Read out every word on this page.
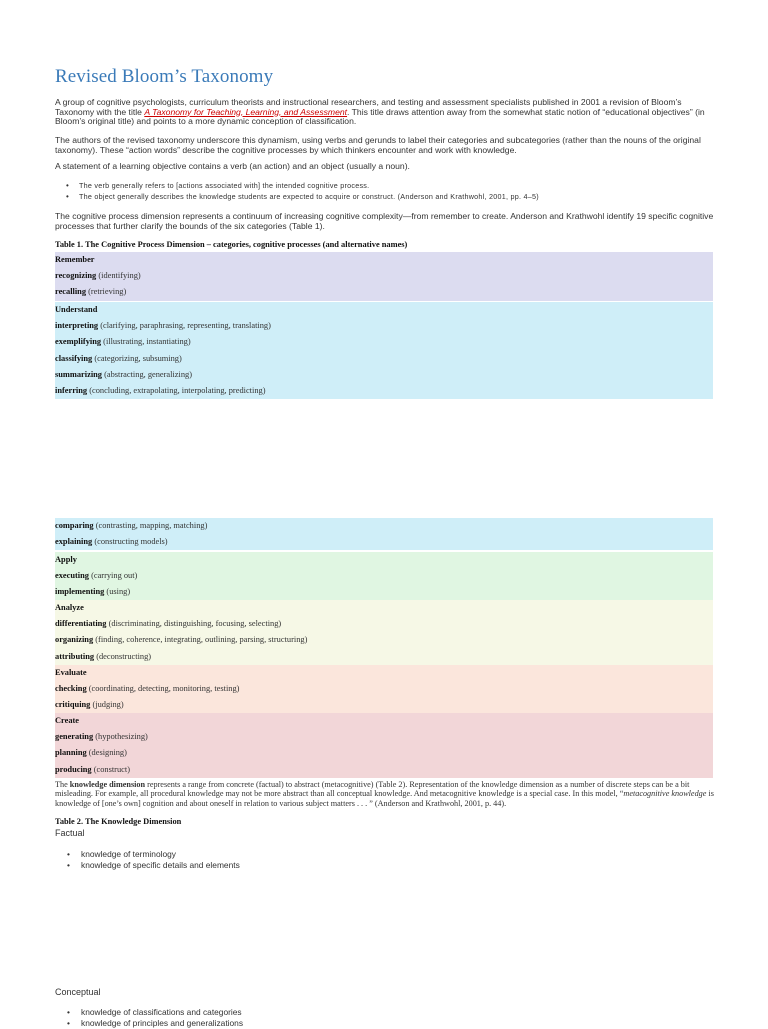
Revised Bloom’s Taxonomy

A group of cognitive psychologists, curriculum theorists and instructional researchers, and testing and assessment specialists published in 2001 a revision of Bloom’s Taxonomy with the title A Taxonomy for Teaching, Learning, and Assessment. This title draws attention away from the somewhat static notion of “educational objectives” (in Bloom’s original title) and points to a more dynamic conception of classification.

The authors of the revised taxonomy underscore this dynamism, using verbs and gerunds to label their categories and subcategories (rather than the nouns of the original taxonomy). These “action words” describe the cognitive processes by which thinkers encounter and work with knowledge.

A statement of a learning objective contains a verb (an action) and an object (usually a noun).

• The verb generally refers to [actions associated with] the intended cognitive process.
• The object generally describes the knowledge students are expected to acquire or construct. (Anderson and Krathwohl, 2001, pp. 4–5)

The cognitive process dimension represents a continuum of increasing cognitive complexity—from remember to create. Anderson and Krathwohl identify 19 specific cognitive processes that further clarify the bounds of the six categories (Table 1).

Table 1. The Cognitive Process Dimension – categories, cognitive processes (and alternative names)
Remember
recognizing (identifying)
recalling (retrieving)
Understand
interpreting (clarifying, paraphrasing, representing, translating)
exemplifying (illustrating, instantiating)
classifying (categorizing, subsuming)
summarizing (abstracting, generalizing)
inferring (concluding, extrapolating, interpolating, predicting)
comparing (contrasting, mapping, matching)
explaining (constructing models)
Apply
executing (carrying out)
implementing (using)
Analyze
differentiating (discriminating, distinguishing, focusing, selecting)
organizing (finding, coherence, integrating, outlining, parsing, structuring)
attributing (deconstructing)
Evaluate
checking (coordinating, detecting, monitoring, testing)
critiquing (judging)
Create
generating (hypothesizing)
planning (designing)
producing (construct)

The knowledge dimension represents a range from concrete (factual) to abstract (metacognitive) (Table 2). Representation of the knowledge dimension as a number of discrete steps can be a bit misleading. For example, all procedural knowledge may not be more abstract than all conceptual knowledge. And metacognitive knowledge is a special case. In this model, “metacognitive knowledge is knowledge of [one’s own] cognition and about oneself in relation to various subject matters . . . ” (Anderson and Krathwohl, 2001, p. 44).

Table 2. The Knowledge Dimension
Factual
• knowledge of terminology
• knowledge of specific details and elements
Conceptual
• knowledge of classifications and categories
• knowledge of principles and generalizations
